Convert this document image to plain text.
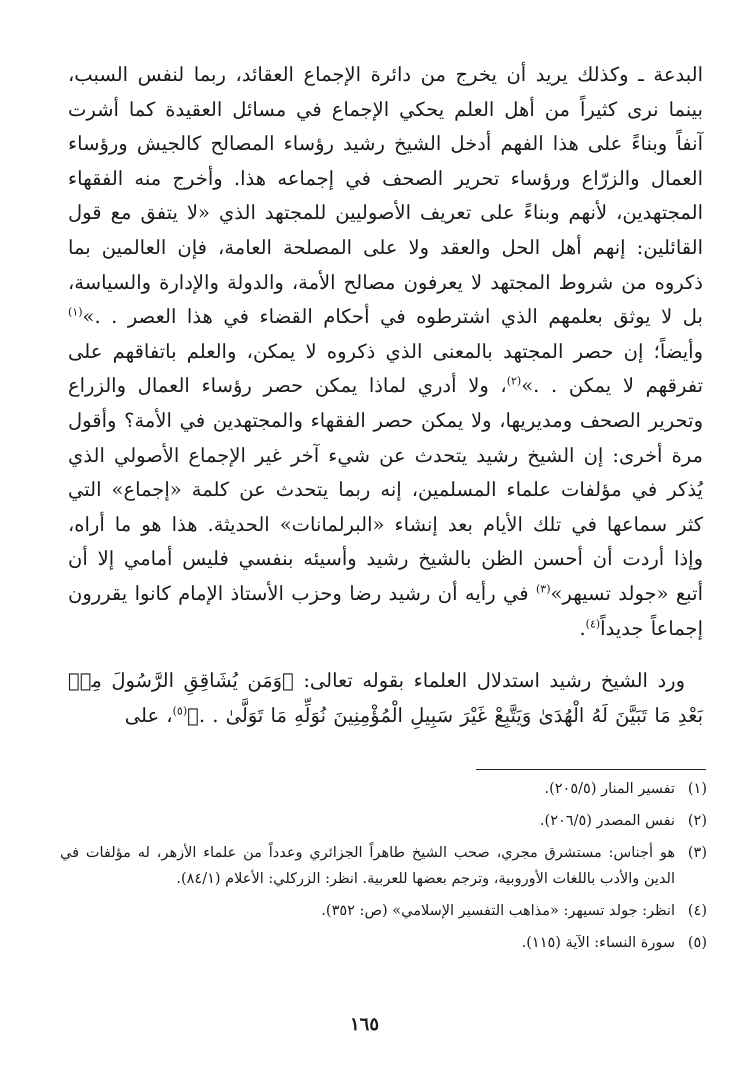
البدعة ـ وكذلك يريد أن يخرج من دائرة الإجماع العقائد، ربما لنفس السبب، بينما نرى كثيراً من أهل العلم يحكي الإجماع في مسائل العقيدة كما أشرت آنفاً وبناءً على هذا الفهم أدخل الشيخ رشيد رؤساء المصالح كالجيش ورؤساء العمال والزرّاع ورؤساء تحرير الصحف في إجماعه هذا. وأخرج منه الفقهاء المجتهدين، لأنهم وبناءً على تعريف الأصوليين للمجتهد الذي «لا يتفق مع قول القائلين: إنهم أهل الحل والعقد ولا على المصلحة العامة، فإن العالمين بما ذكروه من شروط المجتهد لا يعرفون مصالح الأمة، والدولة والإدارة والسياسة، بل لا يوثق بعلمهم الذي اشترطوه في أحكام القضاء في هذا العصر . .»$^{(١)}$ وأيضاً؛ إن حصر المجتهد بالمعنى الذي ذكروه لا يمكن، والعلم باتفاقهم على تفرقهم لا يمكن . .»$^{(٢)}$، ولا أدري لماذا يمكن حصر رؤساء العمال والزراع وتحرير الصحف ومديريها، ولا يمكن حصر الفقهاء والمجتهدين في الأمة؟ وأقول مرة أخرى: إن الشيخ رشيد يتحدث عن شيء آخر غير الإجماع الأصولي الذي يُذكر في مؤلفات علماء المسلمين، إنه ربما يتحدث عن كلمة «إجماع» التي كثر سماعها في تلك الأيام بعد إنشاء «البرلمانات» الحديثة. هذا هو ما أراه، وإذا أردت أن أحسن الظن بالشيخ رشيد وأسيئه بنفسي فليس أمامي إلا أن أتبع «جولد تسيهر»$^{(٣)}$ في رأيه أن رشيد رضا وحزب الأستاذ الإمام كانوا يقررون إجماعاً جديداً$^{(٤)}$.

ورد الشيخ رشيد استدلال العلماء بقوله تعالى: ﴿وَمَن يُشَاقِقِ الرَّسُولَ مِنۢ بَعْدِ مَا تَبَيَّنَ لَهُ الْهُدَىٰ وَيَتَّبِعْ غَيْرَ سَبِيلِ الْمُؤْمِنِينَ نُوَلِّهِ مَا تَوَلَّىٰ . .﴾$^{(٥)}$، على

(١)
تفسير المنار (٢٠٥/٥).
(٢)
نفس المصدر (٢٠٦/٥).
(٣)
هو أجناس: مستشرق مجري، صحب الشيخ طاهراً الجزائري وعدداً من علماء الأزهر، له مؤلفات في الدين والأدب باللغات الأوروبية، وترجم بعضها للعربية. انظر: الزركلي: الأعلام (٨٤/١).
(٤)
انظر: جولد تسيهر: «مذاهب التفسير الإسلامي» (ص: ٣٥٢).
(٥)
سورة النساء: الآية (١١٥).
١٦٥
